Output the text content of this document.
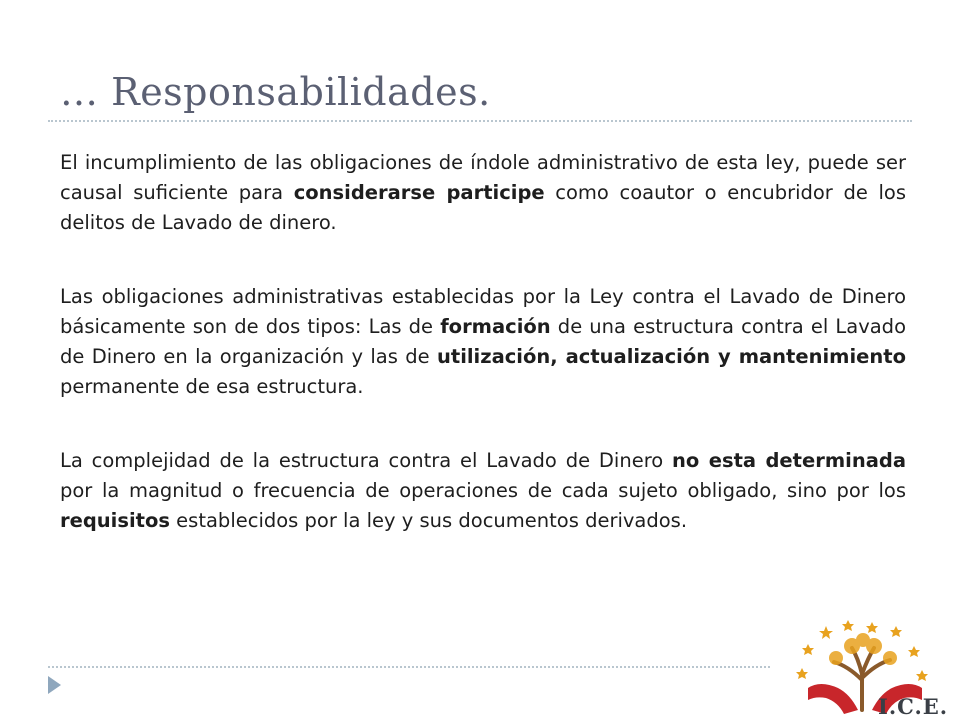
… Responsabilidades.

El incumplimiento de las obligaciones de índole administrativo de esta ley, puede ser causal suficiente para considerarse participe como coautor o encubridor de los delitos de Lavado de dinero.

Las obligaciones administrativas establecidas por la Ley contra el Lavado de Dinero básicamente son de dos tipos: Las de formación de una estructura contra el Lavado de Dinero en la organización y las de utilización, actualización y mantenimiento permanente de esa estructura.

La complejidad de la estructura contra el Lavado de Dinero no esta determinada por la magnitud o frecuencia de operaciones de cada sujeto obligado, sino por los requisitos establecidos por la ley y sus documentos derivados.

I.C.E.
